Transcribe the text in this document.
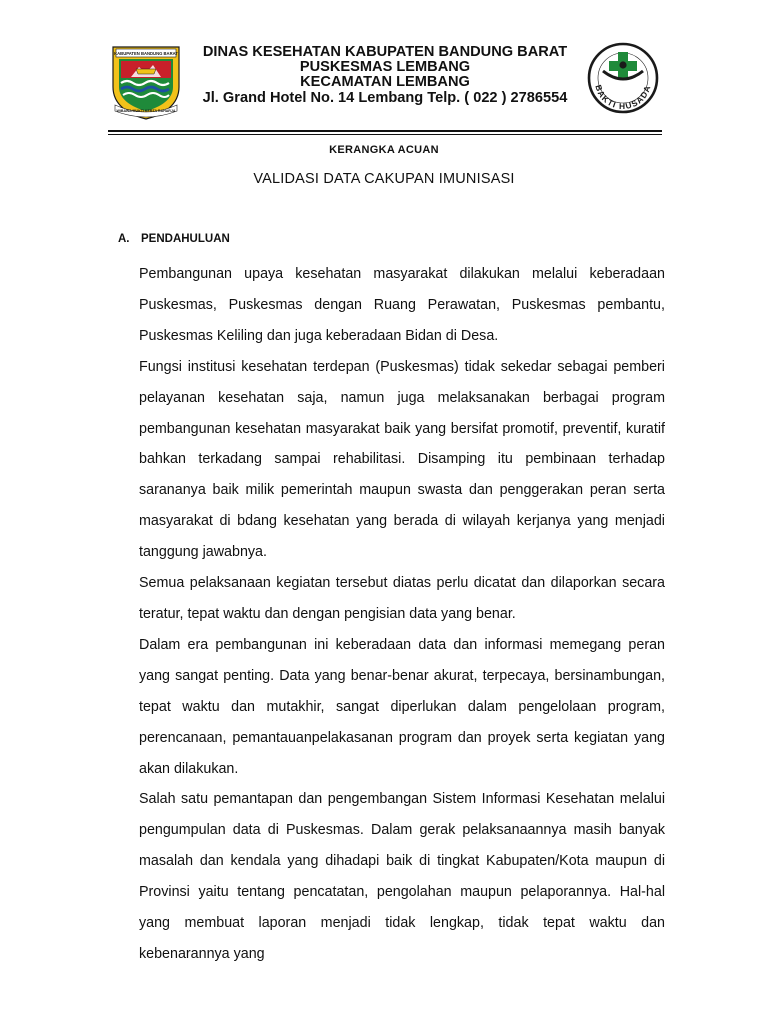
KABUPATEN BANDUNG BARAT
WIBAWA MUKTI KERTA RAHARJA
DINAS KESEHATAN KABUPATEN BANDUNG BARAT
PUSKESMAS LEMBANG
KECAMATAN LEMBANG
Jl. Grand Hotel No. 14 Lembang Telp. ( 022 ) 2786554
BAKTI HUSADA
KERANGKA ACUAN
VALIDASI DATA CAKUPAN IMUNISASI
A. PENDAHULUAN

Pembangunan upaya kesehatan masyarakat dilakukan melalui keberadaan Puskesmas, Puskesmas dengan Ruang Perawatan, Puskesmas pembantu, Puskesmas Keliling dan juga keberadaan Bidan di Desa.

Fungsi institusi kesehatan terdepan (Puskesmas) tidak sekedar sebagai pemberi pelayanan kesehatan saja, namun juga melaksanakan berbagai program pembangunan kesehatan masyarakat baik yang bersifat promotif, preventif, kuratif bahkan terkadang sampai rehabilitasi. Disamping itu pembinaan terhadap sarananya baik milik pemerintah maupun swasta dan penggerakan peran serta masyarakat di bdang kesehatan yang berada di wilayah kerjanya yang menjadi tanggung jawabnya.

Semua pelaksanaan kegiatan tersebut diatas perlu dicatat dan dilaporkan secara teratur, tepat waktu dan dengan pengisian data yang benar.

Dalam era pembangunan ini keberadaan data dan informasi memegang peran yang sangat penting. Data yang benar-benar akurat, terpecaya, bersinambungan, tepat waktu dan mutakhir, sangat diperlukan dalam pengelolaan program, perencanaan, pemantauanpelakasanan program dan proyek serta kegiatan yang akan dilakukan.

Salah satu pemantapan dan pengembangan Sistem Informasi Kesehatan melalui pengumpulan data di Puskesmas. Dalam gerak pelaksanaannya masih banyak masalah dan kendala yang dihadapi baik di tingkat Kabupaten/Kota maupun di Provinsi yaitu tentang pencatatan, pengolahan maupun pelaporannya. Hal-hal yang membuat laporan menjadi tidak lengkap, tidak tepat waktu dan kebenarannya yang
